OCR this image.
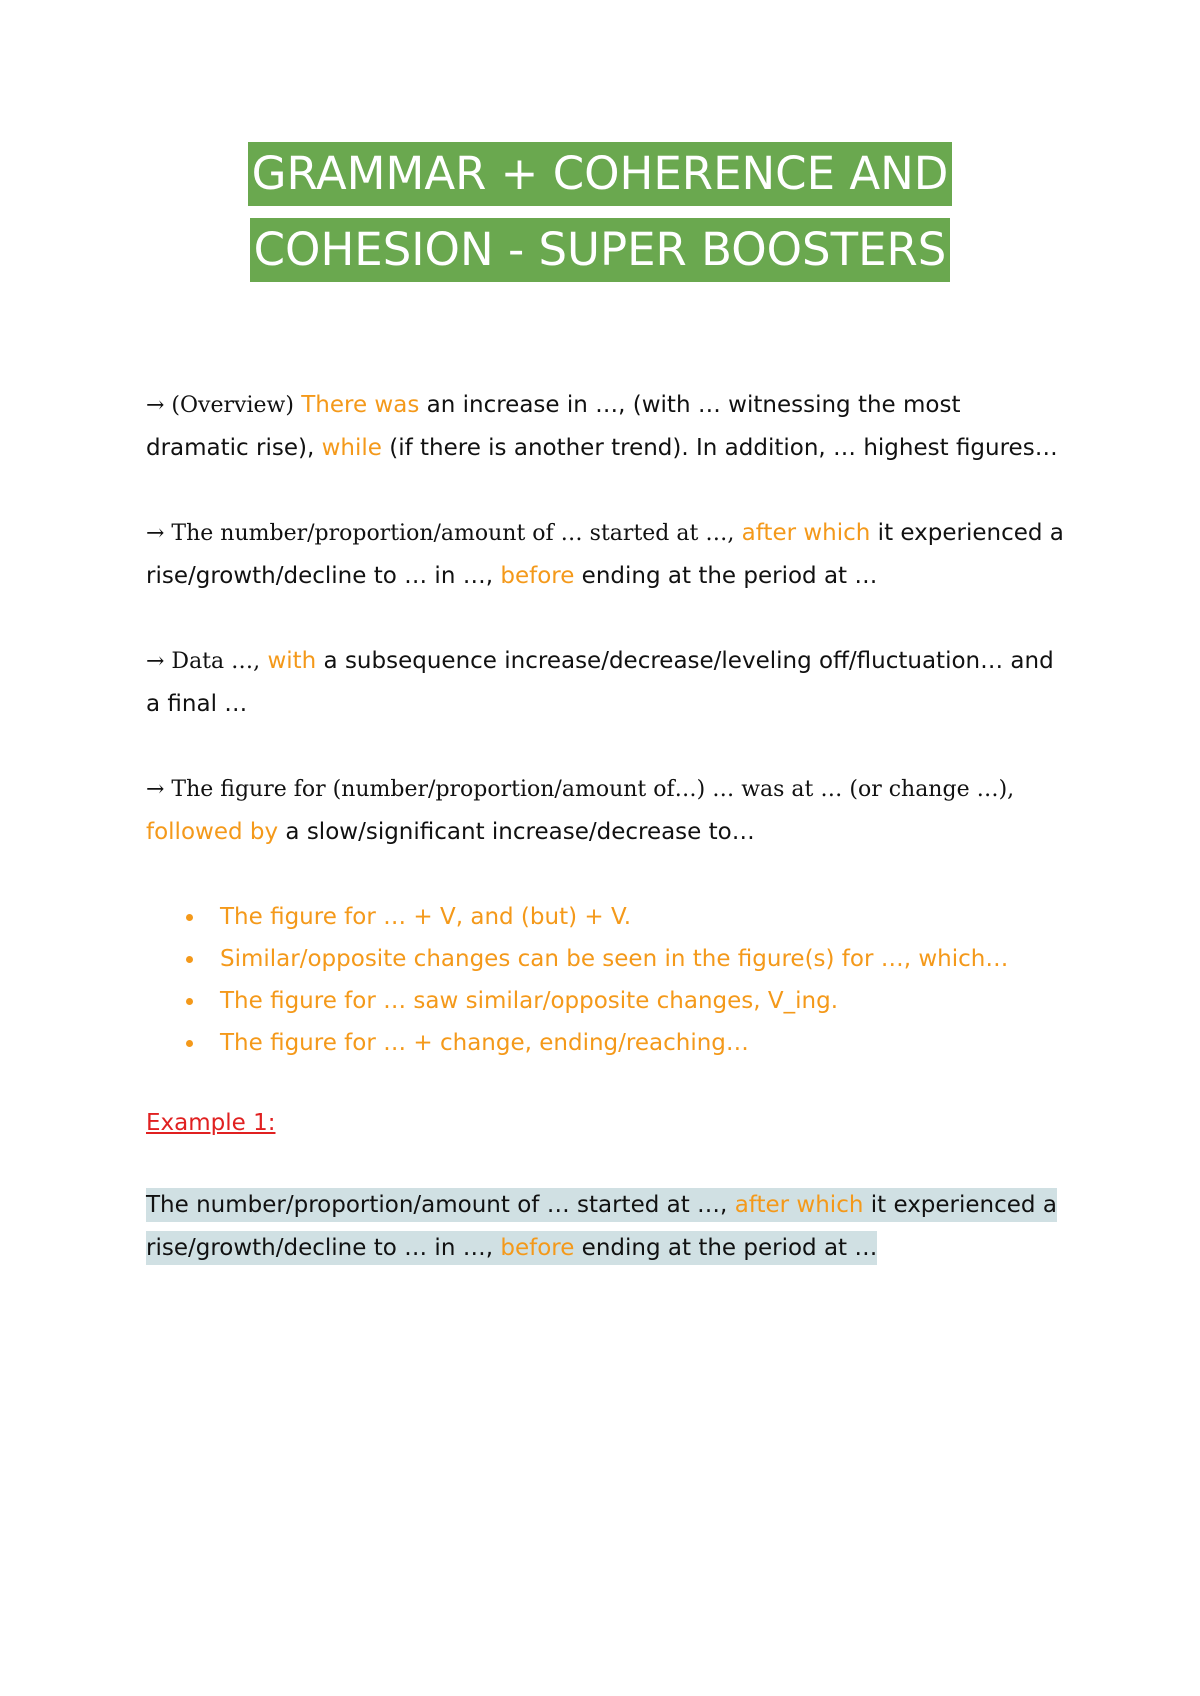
GRAMMAR + COHERENCE AND
COHESION - SUPER BOOSTERS

→ (Overview) There was an increase in …, (with … witnessing the most dramatic rise), while (if there is another trend). In addition, … highest figures…

→ The number/proportion/amount of … started at …, after which it experienced a rise/growth/decline to … in …, before ending at the period at …

→ Data …, with a subsequence increase/decrease/leveling off/fluctuation… and a final …

→ The figure for (number/proportion/amount of…) … was at … (or change …), followed by a slow/significant increase/decrease to…

The figure for … + V, and (but) + V.
Similar/opposite changes can be seen in the figure(s) for …, which…
The figure for … saw similar/opposite changes, V_ing.
The figure for … + change, ending/reaching…

Example 1:

The number/proportion/amount of … started at …, after which it experienced a rise/growth/decline to … in …, before ending at the period at …
